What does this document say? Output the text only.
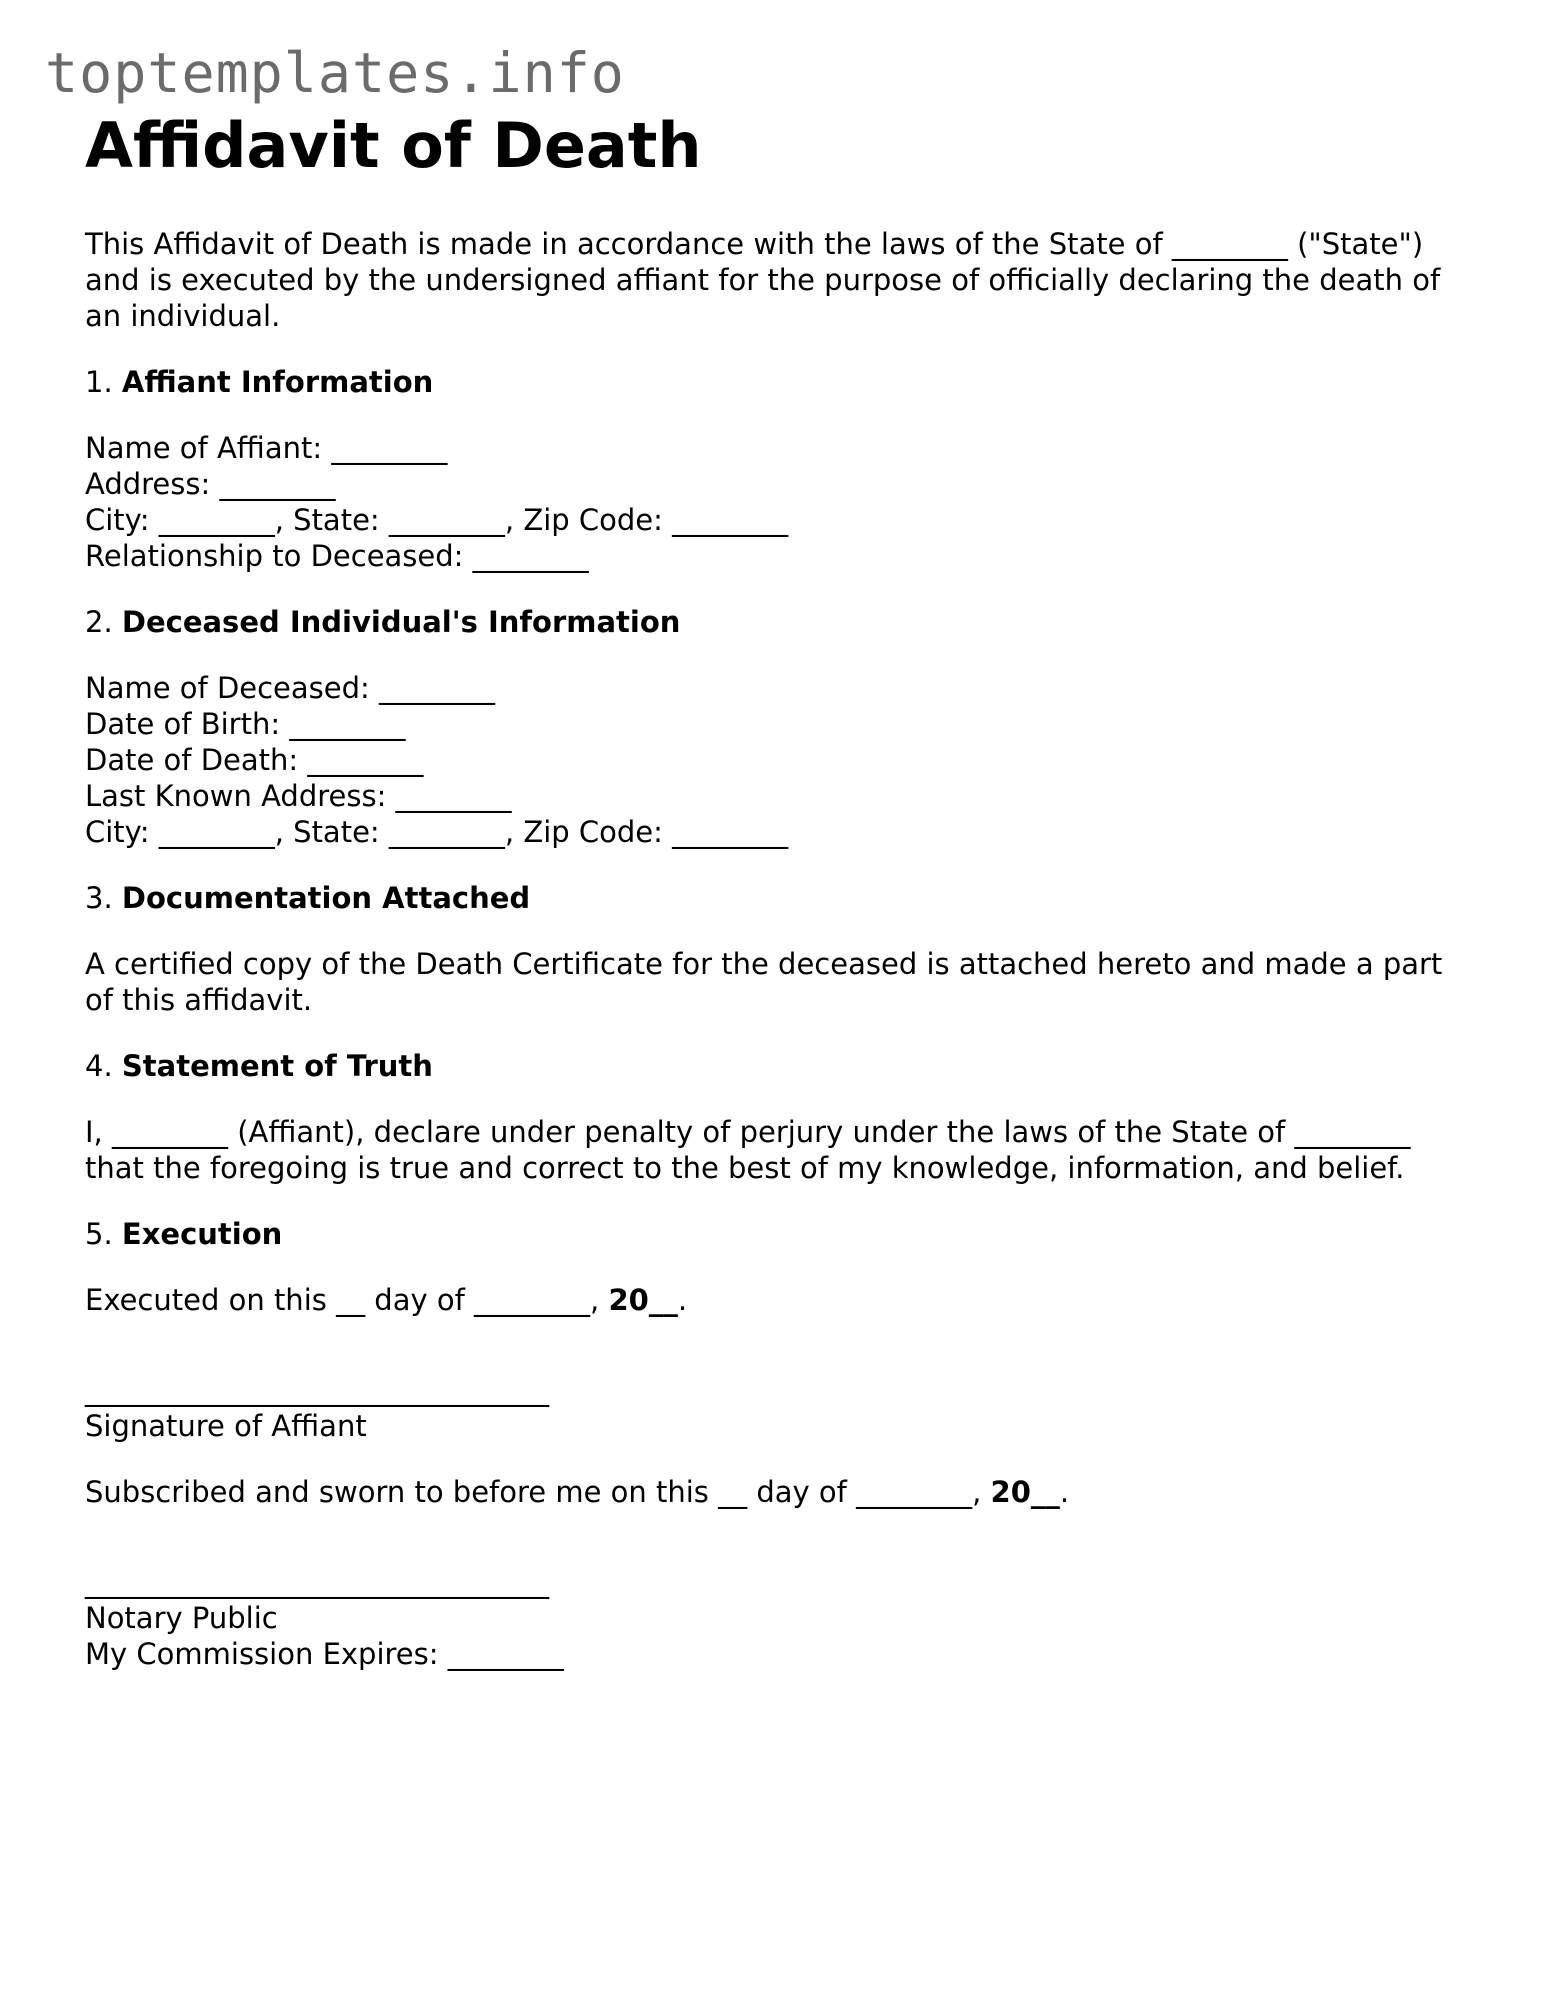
toptemplates.info
Affidavit of Death

This Affidavit of Death is made in accordance with the laws of the State of ________ ("State") and is executed by the undersigned affiant for the purpose of officially declaring the death of an individual.

1. Affiant Information

Name of Affiant: ________
Address: ________
City: ________, State: ________, Zip Code: ________
Relationship to Deceased: ________

2. Deceased Individual's Information

Name of Deceased: ________
Date of Birth: ________
Date of Death: ________
Last Known Address: ________
City: ________, State: ________, Zip Code: ________

3. Documentation Attached

A certified copy of the Death Certificate for the deceased is attached hereto and made a part of this affidavit.

4. Statement of Truth

I, ________ (Affiant), declare under penalty of perjury under the laws of the State of ________ that the foregoing is true and correct to the best of my knowledge, information, and belief.

5. Execution

Executed on this __ day of ________, 20__.

________________________________
Signature of Affiant

Subscribed and sworn to before me on this __ day of ________, 20__.

________________________________
Notary Public
My Commission Expires: ________
